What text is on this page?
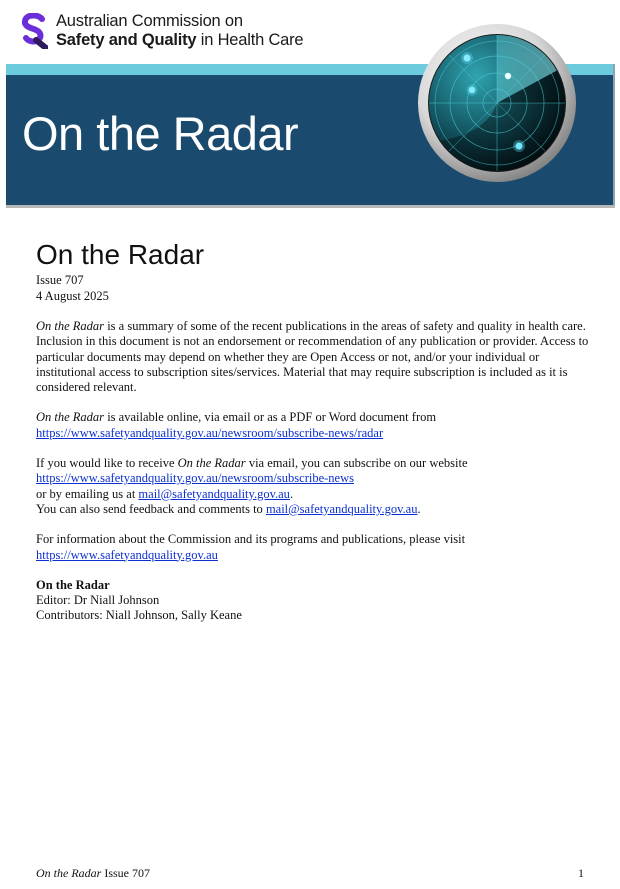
Australian Commission on
Safety and Quality in Health Care
On the Radar
On the Radar
Issue 707
4 August 2025

On the Radar is a summary of some of the recent publications in the areas of safety and quality in health care. Inclusion in this document is not an endorsement or recommendation of any publication or provider. Access to particular documents may depend on whether they are Open Access or not, and/or your individual or institutional access to subscription sites/services. Material that may require subscription is included as it is considered relevant.

On the Radar is available online, via email or as a PDF or Word document from
https://www.safetyandquality.gov.au/newsroom/subscribe-news/radar

If you would like to receive On the Radar via email, you can subscribe on our website
https://www.safetyandquality.gov.au/newsroom/subscribe-news
or by emailing us at mail@safetyandquality.gov.au.
You can also send feedback and comments to mail@safetyandquality.gov.au.

For information about the Commission and its programs and publications, please visit
https://www.safetyandquality.gov.au

On the Radar
Editor: Dr Niall Johnson
Contributors: Niall Johnson, Sally Keane
On the Radar Issue 707	1
